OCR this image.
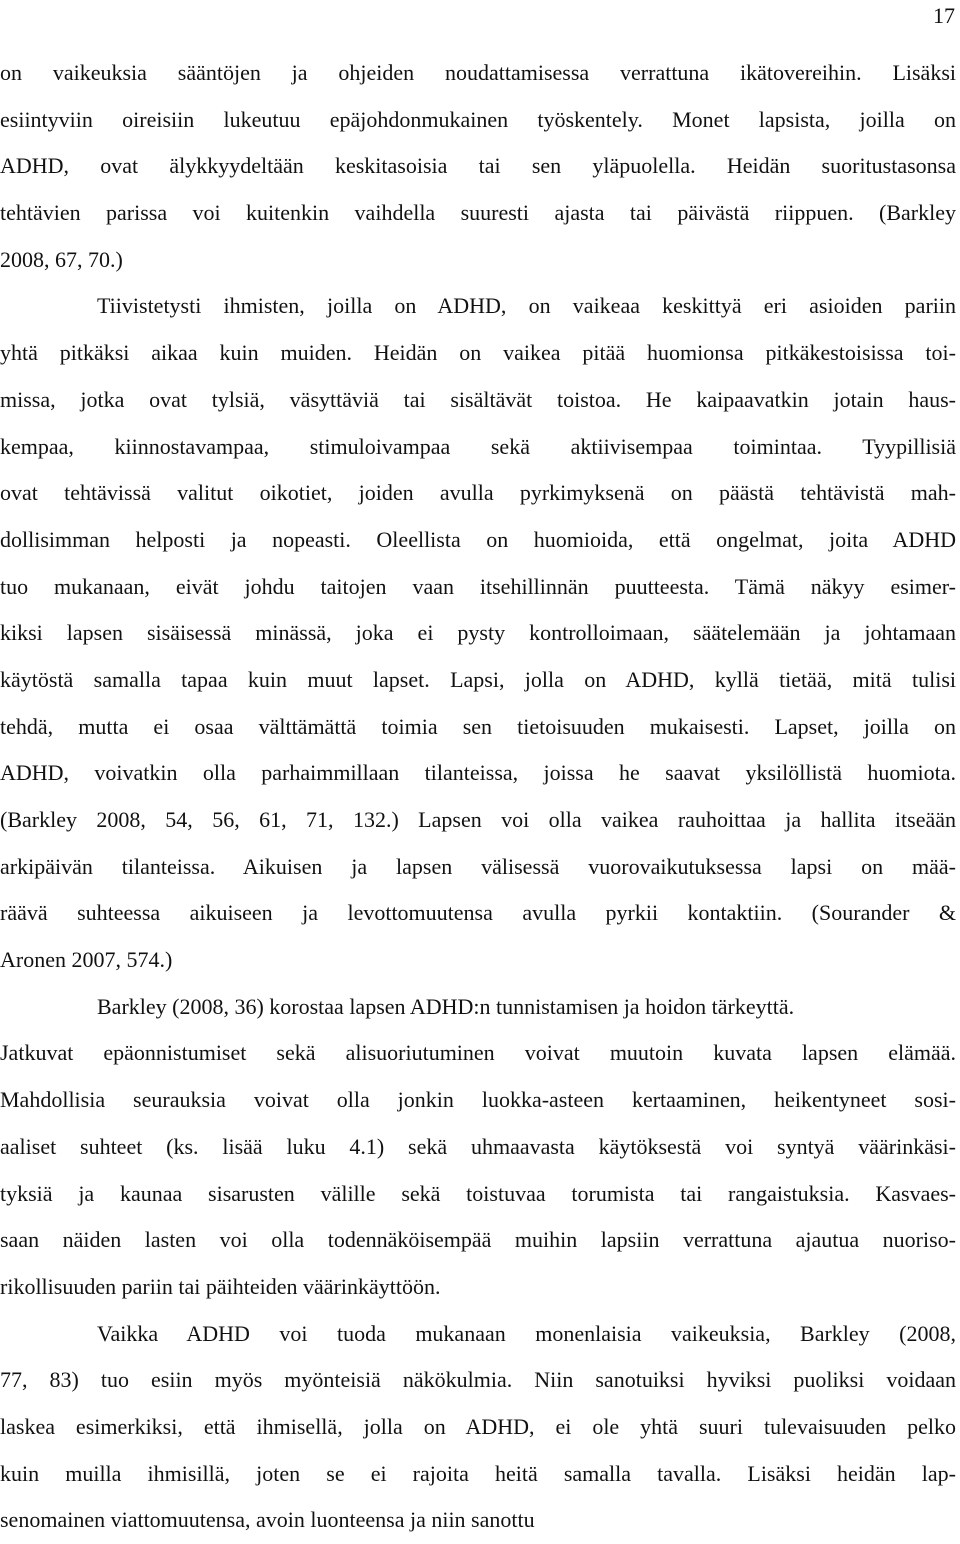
17
on vaikeuksia sääntöjen ja ohjeiden noudattamisessa verrattuna ikätovereihin. Lisäksi
esiintyviin oireisiin lukeutuu epäjohdonmukainen työskentely. Monet lapsista, joilla on
ADHD, ovat älykkyydeltään keskitasoisia tai sen yläpuolella. Heidän suoritustasonsa
tehtävien parissa voi kuitenkin vaihdella suuresti ajasta tai päivästä riippuen. (Barkley
2008, 67, 70.)
Tiivistetysti ihmisten, joilla on ADHD, on vaikeaa keskittyä eri asioiden pariin
yhtä pitkäksi aikaa kuin muiden. Heidän on vaikea pitää huomionsa pitkäkestoisissa toi-
missa, jotka ovat tylsiä, väsyttäviä tai sisältävät toistoa. He kaipaavatkin jotain haus-
kempaa, kiinnostavampaa, stimuloivampaa sekä aktiivisempaa toimintaa. Tyypillisiä
ovat tehtävissä valitut oikotiet, joiden avulla pyrkimyksenä on päästä tehtävistä mah-
dollisimman helposti ja nopeasti. Oleellista on huomioida, että ongelmat, joita ADHD
tuo mukanaan, eivät johdu taitojen vaan itsehillinnän puutteesta. Tämä näkyy esimer-
kiksi lapsen sisäisessä minässä, joka ei pysty kontrolloimaan, säätelemään ja johtamaan
käytöstä samalla tapaa kuin muut lapset. Lapsi, jolla on ADHD, kyllä tietää, mitä tulisi
tehdä, mutta ei osaa välttämättä toimia sen tietoisuuden mukaisesti. Lapset, joilla on
ADHD, voivatkin olla parhaimmillaan tilanteissa, joissa he saavat yksilöllistä huomiota.
(Barkley 2008, 54, 56, 61, 71, 132.) Lapsen voi olla vaikea rauhoittaa ja hallita itseään
arkipäivän tilanteissa. Aikuisen ja lapsen välisessä vuorovaikutuksessa lapsi on mää-
räävä suhteessa aikuiseen ja levottomuutensa avulla pyrkii kontaktiin. (Sourander &
Aronen 2007, 574.)
Barkley (2008, 36) korostaa lapsen ADHD:n tunnistamisen ja hoidon tärkeyttä.
Jatkuvat epäonnistumiset sekä alisuoriutuminen voivat muutoin kuvata lapsen elämää.
Mahdollisia seurauksia voivat olla jonkin luokka-asteen kertaaminen, heikentyneet sosi-
aaliset suhteet (ks. lisää luku 4.1) sekä uhmaavasta käytöksestä voi syntyä väärinkäsi-
tyksiä ja kaunaa sisarusten välille sekä toistuvaa torumista tai rangaistuksia. Kasvaes-
saan näiden lasten voi olla todennäköisempää muihin lapsiin verrattuna ajautua nuoriso-
rikollisuuden pariin tai päihteiden väärinkäyttöön.
Vaikka ADHD voi tuoda mukanaan monenlaisia vaikeuksia, Barkley (2008,
77, 83) tuo esiin myös myönteisiä näkökulmia. Niin sanotuiksi hyviksi puoliksi voidaan
laskea esimerkiksi, että ihmisellä, jolla on ADHD, ei ole yhtä suuri tulevaisuuden pelko
kuin muilla ihmisillä, joten se ei rajoita heitä samalla tavalla. Lisäksi heidän lap-
senomainen viattomuutensa, avoin luonteensa ja niin sanottu
